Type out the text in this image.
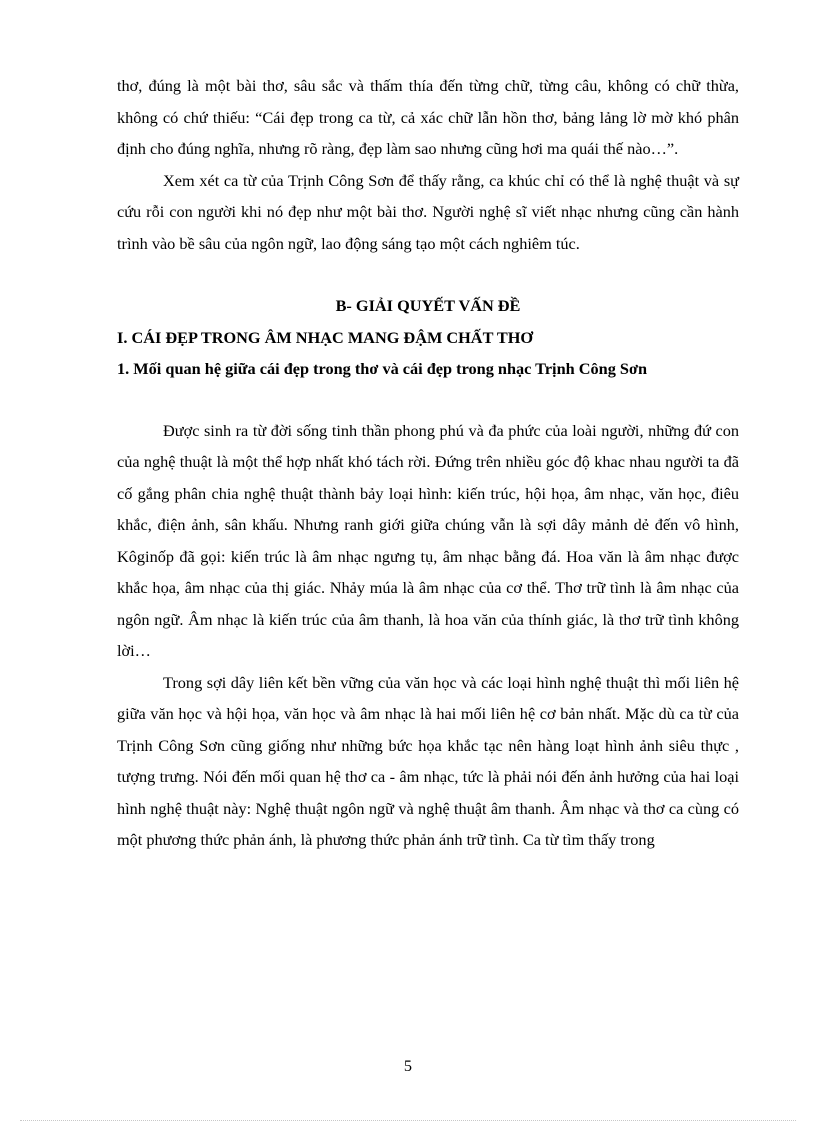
thơ, đúng là một bài thơ, sâu sắc và thấm thía đến từng chữ, từng câu, không có chữ thừa, không có chứ thiếu: “Cái đẹp trong ca từ, cả xác chữ lẫn hồn thơ, bảng lảng lờ mờ khó phân định cho đúng nghĩa, nhưng rõ ràng, đẹp làm sao nhưng cũng hơi ma quái thế nào…”.

Xem xét ca từ của Trịnh Công Sơn để thấy rằng, ca khúc chỉ có thể là nghệ thuật và sự cứu rỗi con người khi nó đẹp như một bài thơ. Người nghệ sĩ viết nhạc nhưng cũng cần hành trình vào bề sâu của ngôn ngữ, lao động sáng tạo một cách nghiêm túc.

B- GIẢI QUYẾT VẤN ĐỀ

I. CÁI ĐẸP TRONG ÂM NHẠC MANG ĐẬM CHẤT THƠ

1. Mối quan hệ giữa cái đẹp trong thơ và cái đẹp trong nhạc Trịnh Công Sơn

Được sinh ra từ đời sống tinh thần phong phú và đa phức của loài người, những đứ con của nghệ thuật là một thể hợp nhất khó tách rời. Đứng trên nhiều góc độ khac nhau người ta đã cố gắng phân chia nghệ thuật thành bảy loại hình: kiến trúc, hội họa, âm nhạc, văn học, điêu khắc, điện ảnh, sân khấu. Nhưng ranh giới giữa chúng vẫn là sợi dây mảnh dẻ đến vô hình, Kôginốp đã gọi: kiến trúc là âm nhạc ngưng tụ, âm nhạc bằng đá. Hoa văn là âm nhạc được khắc họa, âm nhạc của thị giác. Nhảy múa là âm nhạc của cơ thể. Thơ trữ tình là âm nhạc của ngôn ngữ. Âm nhạc là kiến trúc của âm thanh, là hoa văn của thính giác, là thơ trữ tình không lời…

Trong sợi dây liên kết bền vững của văn học và các loại hình nghệ thuật thì mối liên hệ giữa văn học và hội họa, văn học và âm nhạc là hai mối liên hệ cơ bản nhất. Mặc dù ca từ của Trịnh Công Sơn cũng giống như những bức họa khắc tạc nên hàng loạt hình ảnh siêu thực , tượng trưng. Nói đến mối quan hệ thơ ca - âm nhạc, tức là phải nói đến ảnh hưởng của hai loại hình nghệ thuật này: Nghệ thuật ngôn ngữ và nghệ thuật âm thanh. Âm nhạc và thơ ca cùng có một phương thức phản ánh, là phương thức phản ánh trữ tình. Ca từ tìm thấy trong

5
